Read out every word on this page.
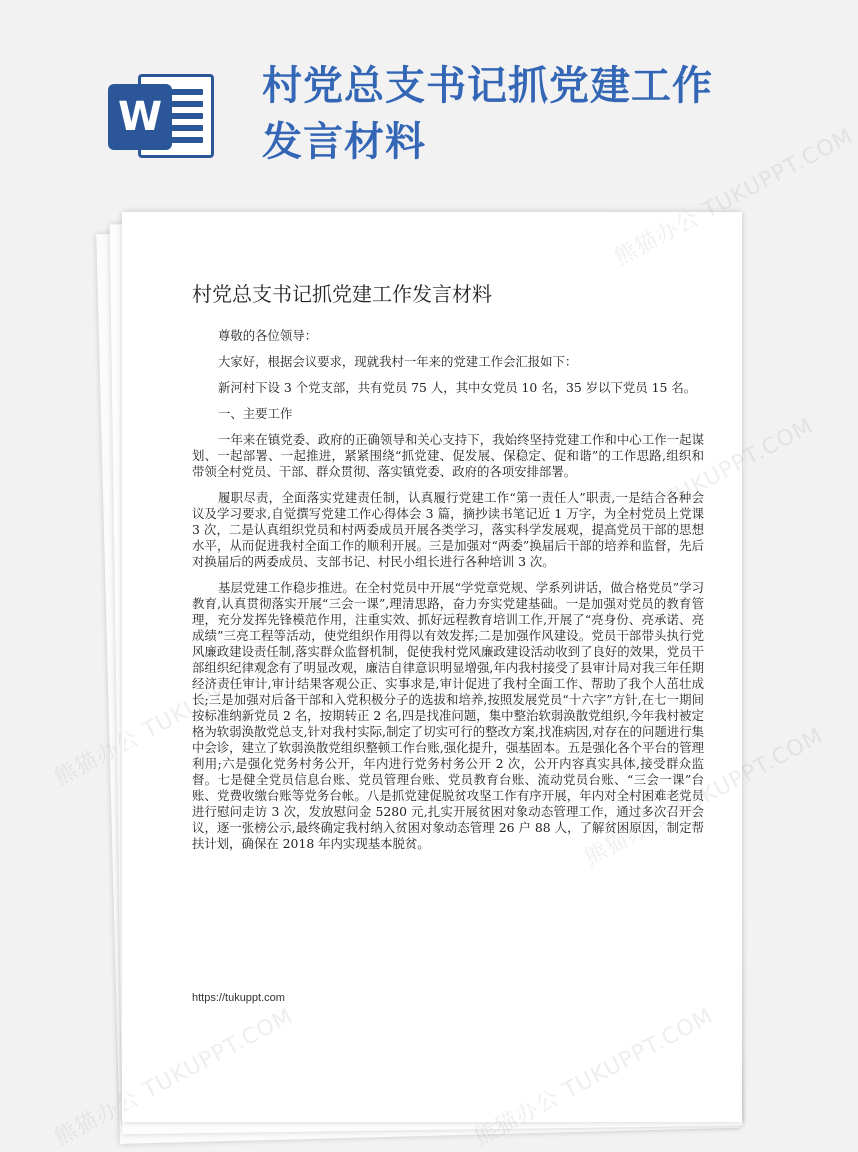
W
村党总支书记抓党建工作发言材料
村党总支书记抓党建工作发言材料

尊敬的各位领导：

大家好，根据会议要求，现就我村一年来的党建工作会汇报如下：

新河村下设 3 个党支部，共有党员 75 人，其中女党员 10 名，35 岁以下党员 15 名。

一、主要工作

一年来在镇党委、政府的正确领导和关心支持下，我始终坚持党建工作和中心工作一起谋划、一起部署、一起推进，紧紧围绕“抓党建、促发展、保稳定、促和谐”的工作思路,组织和带领全村党员、干部、群众贯彻、落实镇党委、政府的各项安排部署。

履职尽责，全面落实党建责任制，认真履行党建工作“第一责任人”职责,一是结合各种会议及学习要求,自觉撰写党建工作心得体会 3 篇，摘抄读书笔记近 1 万字，为全村党员上党课 3 次，二是认真组织党员和村两委成员开展各类学习，落实科学发展观，提高党员干部的思想水平，从而促进我村全面工作的顺利开展。三是加强对“两委”换届后干部的培养和监督，先后对换届后的两委成员、支部书记、村民小组长进行各种培训 3 次。

基层党建工作稳步推进。在全村党员中开展“学党章党规、学系列讲话，做合格党员”学习教育,认真贯彻落实开展“三会一课”,理清思路，奋力夯实党建基础。一是加强对党员的教育管理，充分发挥先锋模范作用，注重实效、抓好远程教育培训工作,开展了“亮身份、亮承诺、亮成绩”三亮工程等活动，使党组织作用得以有效发挥;二是加强作风建设。党员干部带头执行党风廉政建设责任制,落实群众监督机制，促使我村党风廉政建设活动收到了良好的效果，党员干部组织纪律观念有了明显改观，廉洁自律意识明显增强,年内我村接受了县审计局对我三年任期经济责任审计,审计结果客观公正、实事求是,审计促进了我村全面工作、帮助了我个人茁壮成长;三是加强对后备干部和入党积极分子的选拔和培养,按照发展党员“十六字”方针,在七一期间按标准纳新党员 2 名，按期转正 2 名,四是找准问题，集中整治软弱涣散党组织,今年我村被定格为软弱涣散党总支,针对我村实际,制定了切实可行的整改方案,找准病因,对存在的问题进行集中会诊，建立了软弱涣散党组织整顿工作台账,强化提升，强基固本。五是强化各个平台的管理利用;六是强化党务村务公开，年内进行党务村务公开 2 次，公开内容真实具体,接受群众监督。七是健全党员信息台账、党员管理台账、党员教育台账、流动党员台账、“三会一课”台账、党费收缴台账等党务台帐。八是抓党建促脱贫攻坚工作有序开展，年内对全村困难老党员进行慰问走访 3 次，发放慰问金 5280 元,扎实开展贫困对象动态管理工作，通过多次召开会议，逐一张榜公示,最终确定我村纳入贫困对象动态管理 26 户 88 人，了解贫困原因，制定帮扶计划，确保在 2018 年内实现基本脱贫。

https://tukuppt.com
熊猫办公 TUKUPPT.COM
TUKUPPT.COM
熊猫办公
熊猫办公
